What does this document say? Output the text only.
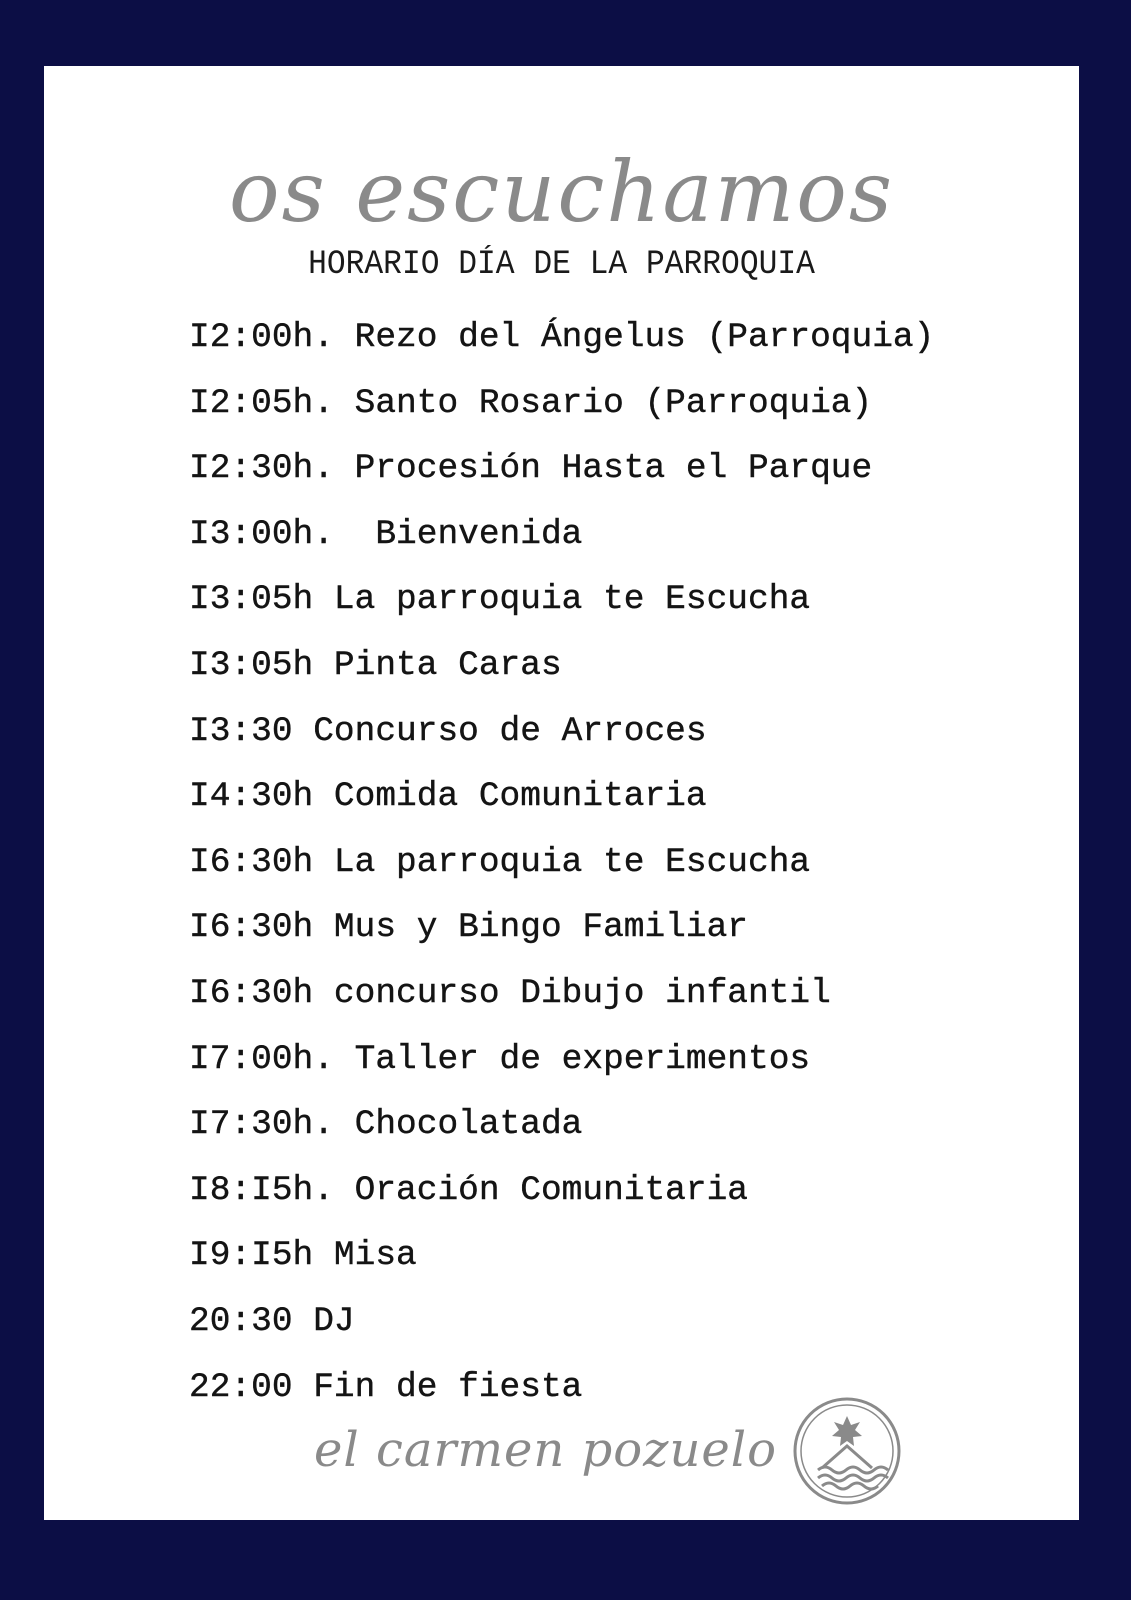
os escuchamos
HORARIO DÍA DE LA PARROQUIA
I2:00h. Rezo del Ángelus (Parroquia)
I2:05h. Santo Rosario (Parroquia)
I2:30h. Procesión Hasta el Parque
I3:00h.  Bienvenida
I3:05h La parroquia te Escucha
I3:05h Pinta Caras
I3:30 Concurso de Arroces
I4:30h Comida Comunitaria
I6:30h La parroquia te Escucha
I6:30h Mus y Bingo Familiar
I6:30h concurso Dibujo infantil
I7:00h. Taller de experimentos
I7:30h. Chocolatada
I8:I5h. Oración Comunitaria
I9:I5h Misa
20:30 DJ
22:00 Fin de fiesta
el carmen pozuelo
